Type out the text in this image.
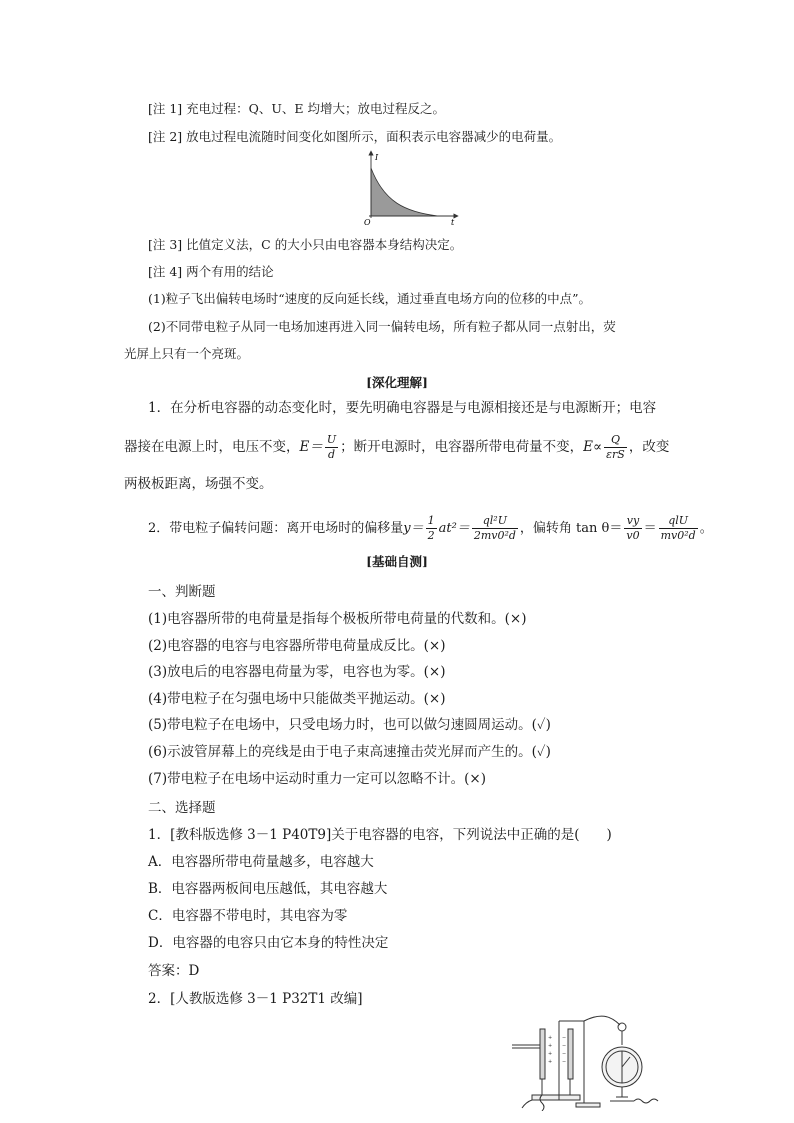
[注 1] 充电过程：Q、U、E 均增大；放电过程反之。
[注 2] 放电过程电流随时间变化如图所示，面积表示电容器减少的电荷量。
I
t
O
[注 3] 比值定义法，C 的大小只由电容器本身结构决定。
[注 4] 两个有用的结论
(1)粒子飞出偏转电场时“速度的反向延长线，通过垂直电场方向的位移的中点”。
(2)不同带电粒子从同一电场加速再进入同一偏转电场，所有粒子都从同一点射出，荧
光屏上只有一个亮斑。
[深化理解]
1．在分析电容器的动态变化时，要先明确电容器是与电源相接还是与电源断开；电容
器接在电源上时，电压不变，$E= \frac{U}{d}$ ；断开电源时，电容器所带电荷量不变，$E\propto \frac{Q}{\text{εrS}}$ ，改变
两极板距离，场强不变。
2．带电粒子偏转问题：离开电场时的偏移量$y= \frac{1}{2} at^2= \frac{\text{ql²U}}{\text{2mv0²d}}$ ，偏转角 $\tan \theta= \frac{vy}{v0} = \frac{\text{qlU}}{\text{mv0²d}}$ 。
[基础自测]
一、判断题
(1)电容器所带的电荷量是指每个极板所带电荷量的代数和。(×)
(2)电容器的电容与电容器所带电荷量成反比。(×)
(3)放电后的电容器电荷量为零，电容也为零。(×)
(4)带电粒子在匀强电场中只能做类平抛运动。(×)
(5)带电粒子在电场中，只受电场力时，也可以做匀速圆周运动。(✓)
(6)示波管屏幕上的亮线是由于电子束高速撞击荧光屏而产生的。(✓)
(7)带电粒子在电场中运动时重力一定可以忽略不计。(×)
二、选择题
1．[教科版选修 3－1 P40T9]关于电容器的电容，下列说法中正确的是(　　)
A．电容器所带电荷量越多，电容越大
B．电容器两板间电压越低，其电容越大
C．电容器不带电时，其电容为零
D．电容器的电容只由它本身的特性决定
答案：D
2．[人教版选修 3－1 P32T1 改编]
+
+
+
+
−
−
−
−
